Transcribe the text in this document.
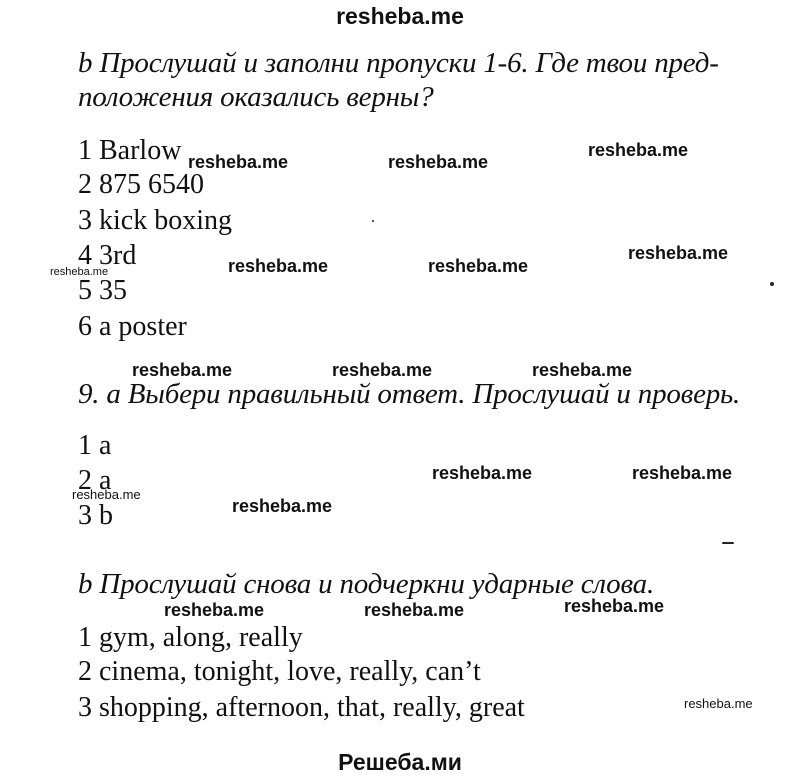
resheba.me
b Прослушай и заполни пропуски 1-6. Где твои пред-
положения оказались верны?
1 Barlow
2 875 6540
3 kick boxing
4 3rd
5 35
6 a poster
9. a Выбери правильный ответ. Прослушай и проверь.
1 a
2 a
3 b
b Прослушай снова и подчеркни ударные слова.
1 gym, along, really
2 cinema, tonight, love, really, can’t
3 shopping, afternoon, that, really, great
resheba.me	resheba.me
resheba.me
resheba.me	resheba.me
resheba.me
resheba.me
resheba.me	resheba.me	resheba.me
resheba.me	resheba.me
resheba.me
resheba.me
resheba.me	resheba.me	resheba.me
resheba.me
Решеба.ми
